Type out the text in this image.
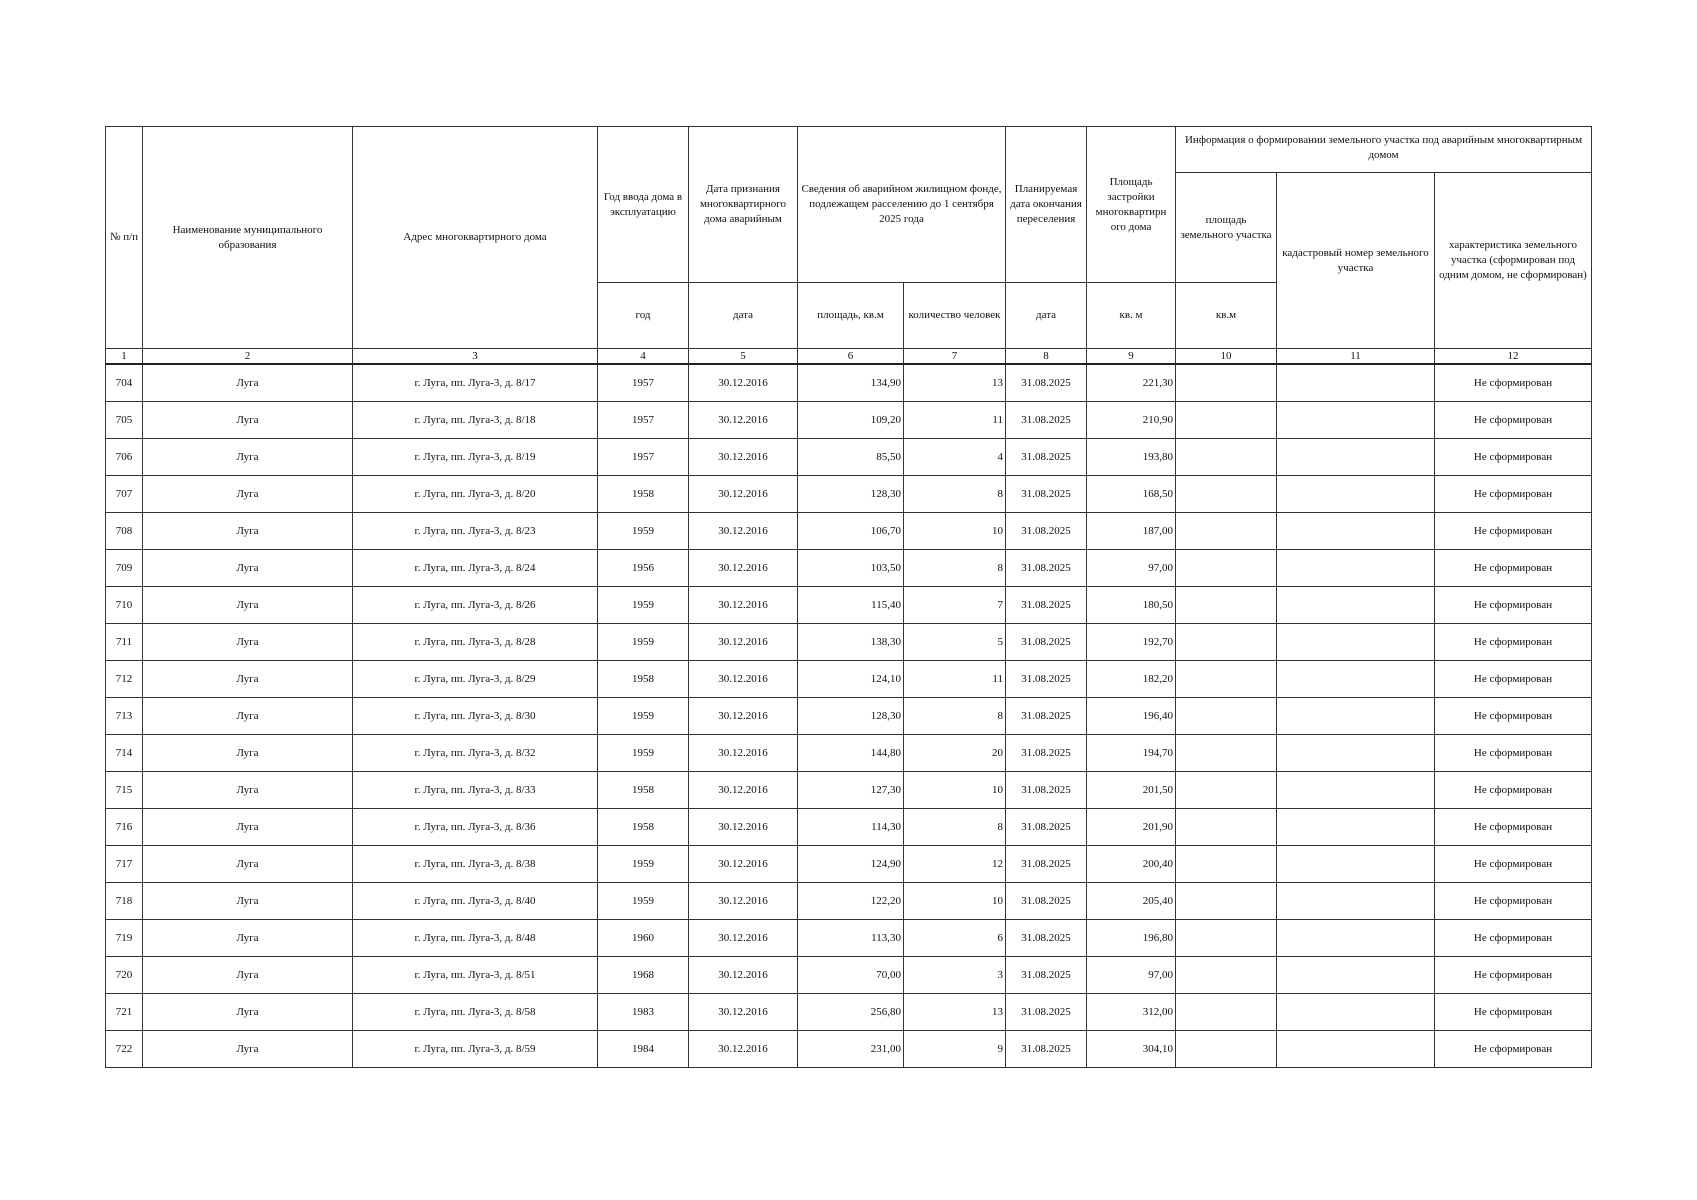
№ п/п	Наименование муниципального образования	Адрес многоквартирного дома	Год ввода дома в эксплуатацию	Дата признания многоквартирного дома аварийным	Сведения об аварийном жилищном фонде, подлежащем расселению до 1 сентября 2025 года		Планируемая дата окончания переселения	Площадь застройки многоквартирн ого дома	Информация о формировании земельного участка под аварийным многоквартирным домом		
									площадь земельного участка	кадастровый номер земельного участка	характеристика земельного участка (сформирован под одним домом, не сформирован)
			год	дата	площадь, кв.м	количество человек	дата	кв. м	кв.м		
1	2	3	4	5	6	7	8	9	10	11	12
704	Луга	г. Луга, пп. Луга-3, д. 8/17	1957	30.12.2016	134,90	13	31.08.2025	221,30			Не сформирован
705	Луга	г. Луга, пп. Луга-3, д. 8/18	1957	30.12.2016	109,20	11	31.08.2025	210,90			Не сформирован
706	Луга	г. Луга, пп. Луга-3, д. 8/19	1957	30.12.2016	85,50	4	31.08.2025	193,80			Не сформирован
707	Луга	г. Луга, пп. Луга-3, д. 8/20	1958	30.12.2016	128,30	8	31.08.2025	168,50			Не сформирован
708	Луга	г. Луга, пп. Луга-3, д. 8/23	1959	30.12.2016	106,70	10	31.08.2025	187,00			Не сформирован
709	Луга	г. Луга, пп. Луга-3, д. 8/24	1956	30.12.2016	103,50	8	31.08.2025	97,00			Не сформирован
710	Луга	г. Луга, пп. Луга-3, д. 8/26	1959	30.12.2016	115,40	7	31.08.2025	180,50			Не сформирован
711	Луга	г. Луга, пп. Луга-3, д. 8/28	1959	30.12.2016	138,30	5	31.08.2025	192,70			Не сформирован
712	Луга	г. Луга, пп. Луга-3, д. 8/29	1958	30.12.2016	124,10	11	31.08.2025	182,20			Не сформирован
713	Луга	г. Луга, пп. Луга-3, д. 8/30	1959	30.12.2016	128,30	8	31.08.2025	196,40			Не сформирован
714	Луга	г. Луга, пп. Луга-3, д. 8/32	1959	30.12.2016	144,80	20	31.08.2025	194,70			Не сформирован
715	Луга	г. Луга, пп. Луга-3, д. 8/33	1958	30.12.2016	127,30	10	31.08.2025	201,50			Не сформирован
716	Луга	г. Луга, пп. Луга-3, д. 8/36	1958	30.12.2016	114,30	8	31.08.2025	201,90			Не сформирован
717	Луга	г. Луга, пп. Луга-3, д. 8/38	1959	30.12.2016	124,90	12	31.08.2025	200,40			Не сформирован
718	Луга	г. Луга, пп. Луга-3, д. 8/40	1959	30.12.2016	122,20	10	31.08.2025	205,40			Не сформирован
719	Луга	г. Луга, пп. Луга-3, д. 8/48	1960	30.12.2016	113,30	6	31.08.2025	196,80			Не сформирован
720	Луга	г. Луга, пп. Луга-3, д. 8/51	1968	30.12.2016	70,00	3	31.08.2025	97,00			Не сформирован
721	Луга	г. Луга, пп. Луга-3, д. 8/58	1983	30.12.2016	256,80	13	31.08.2025	312,00			Не сформирован
722	Луга	г. Луга, пп. Луга-3, д. 8/59	1984	30.12.2016	231,00	9	31.08.2025	304,10			Не сформирован
